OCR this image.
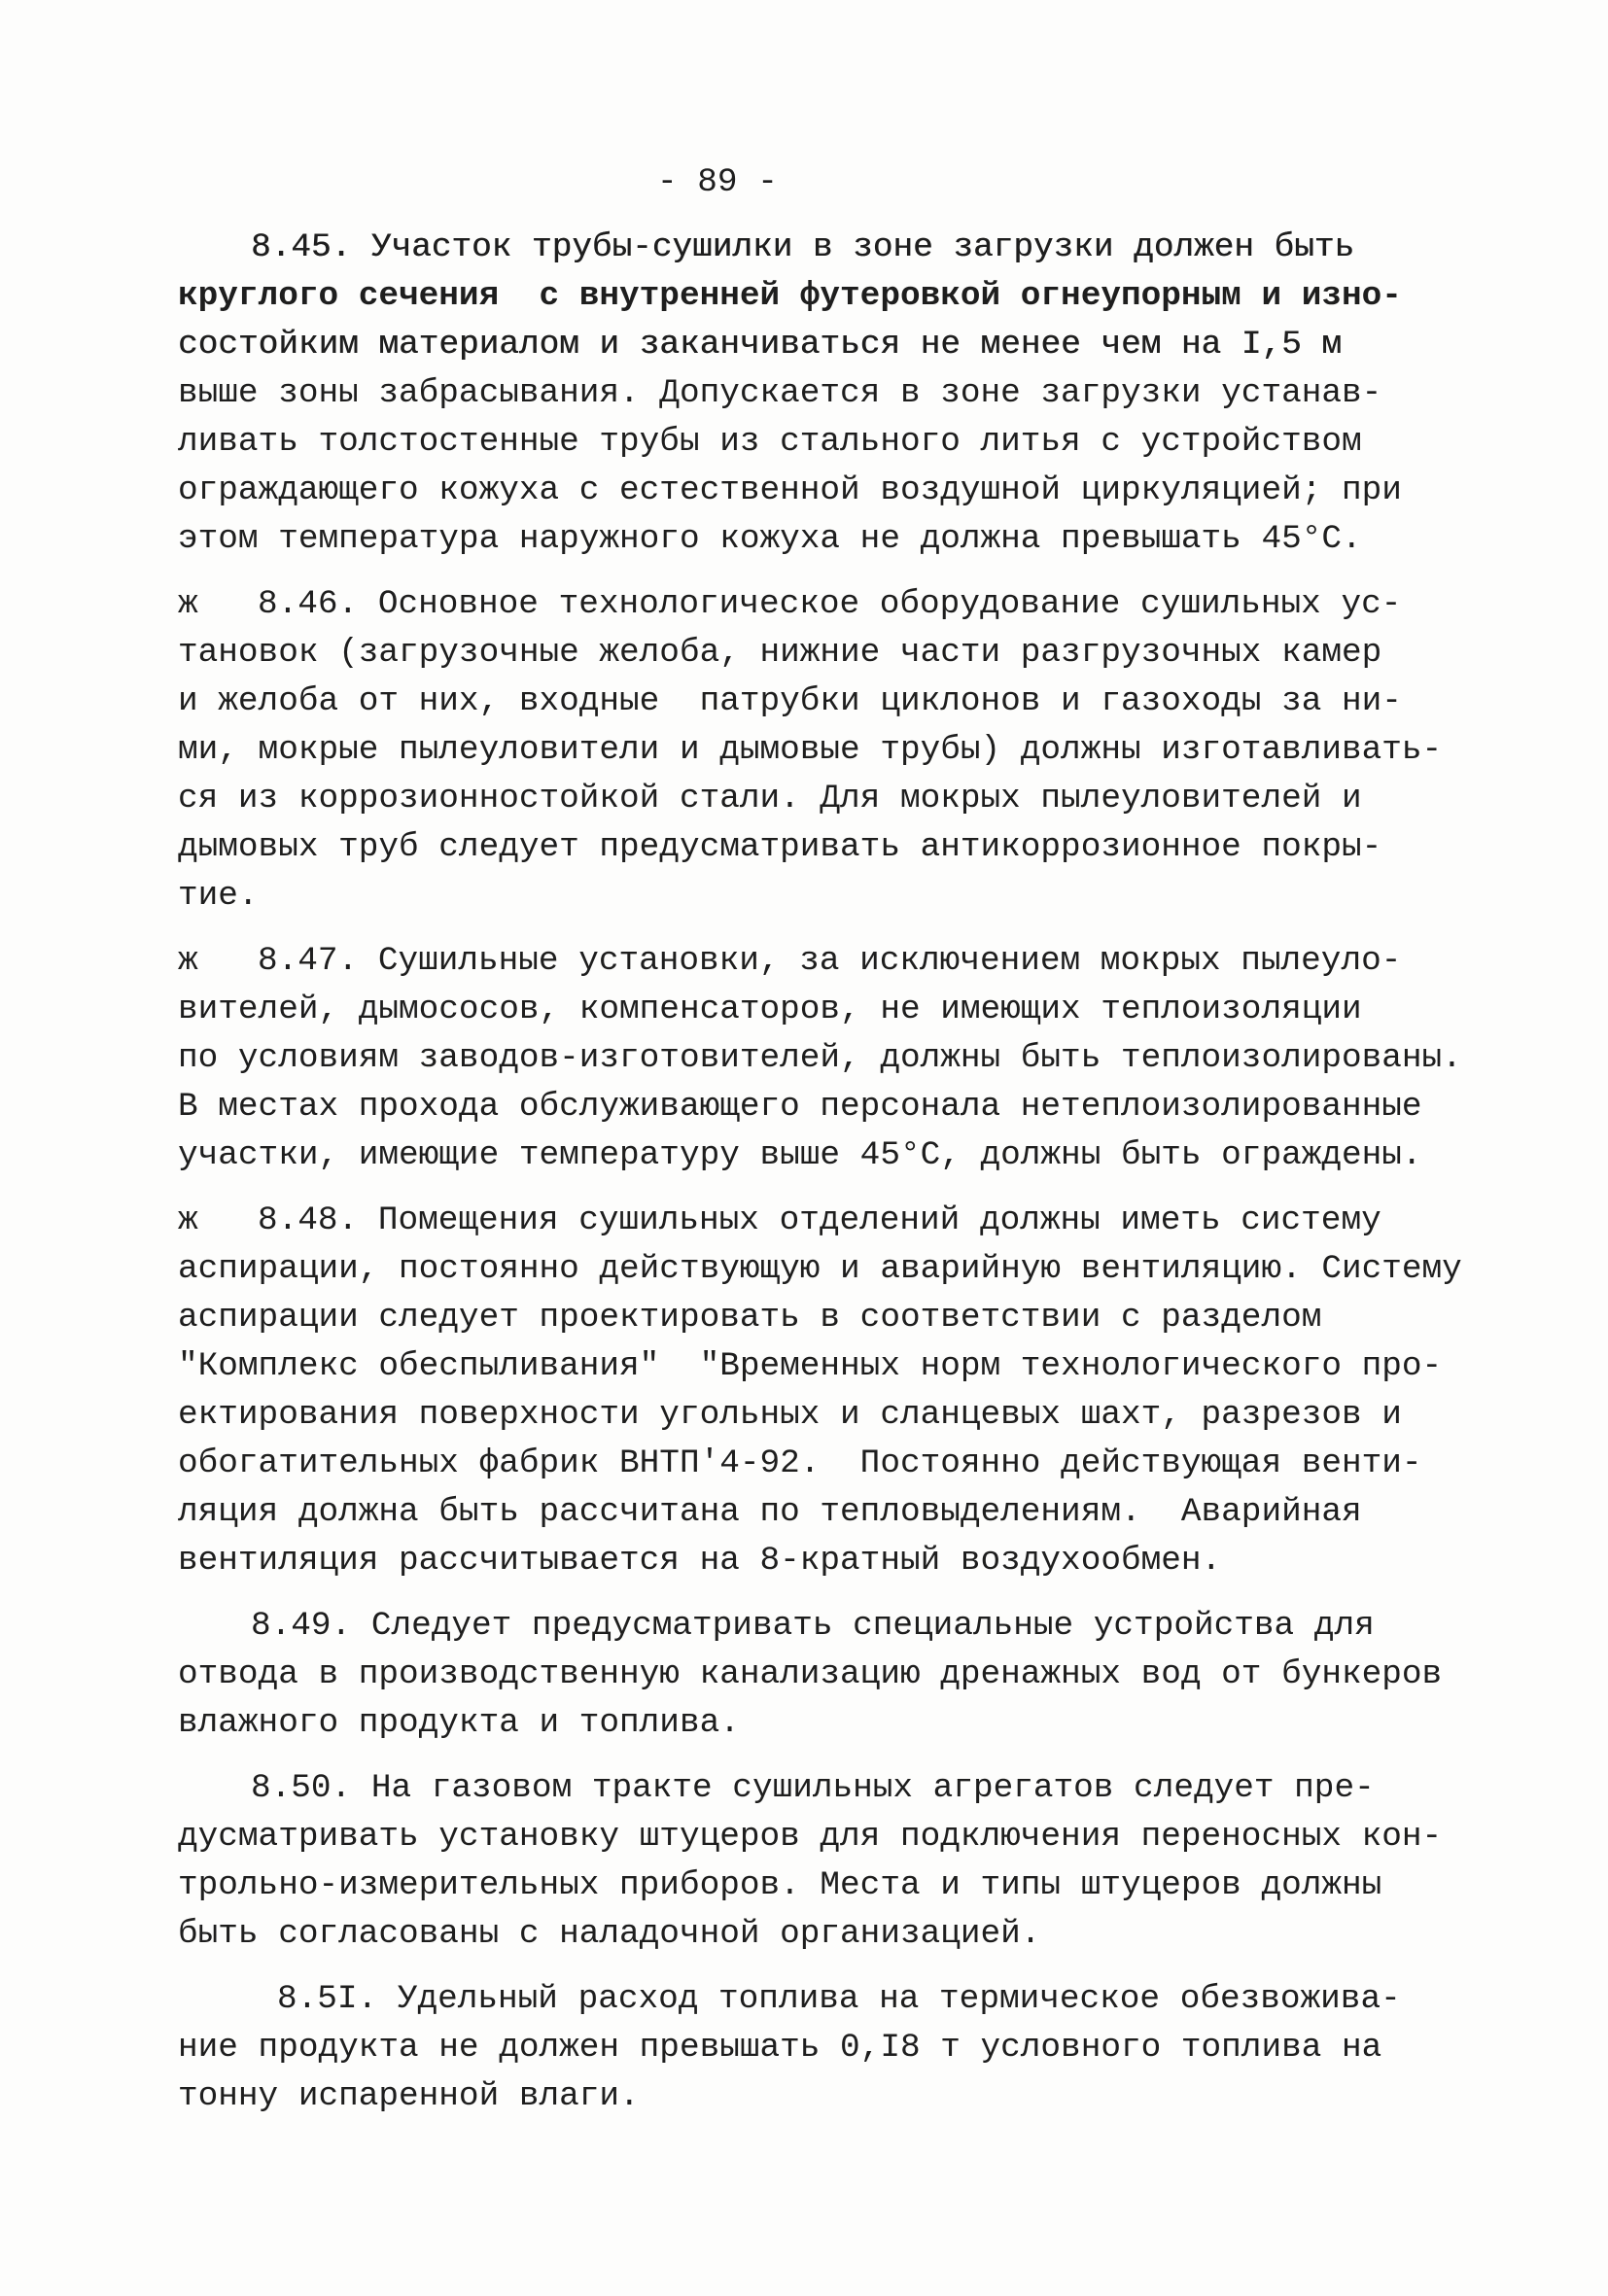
- 89 -
8.45. Участок трубы-сушилки в зоне загрузки должен быть
круглого сечения  с внутренней футеровкой огнеупорным и изно-
состойким материалом и заканчиваться не менее чем на I,5 м
выше зоны забрасывания. Допускается в зоне загрузки устанав-
ливать толстостенные трубы из стального литья с устройством
ограждающего кожуха с естественной воздушной циркуляцией; при
этом температура наружного кожуха не должна превышать 45°С.
ж 8.46. Основное технологическое оборудование сушильных ус-
тановок (загрузочные желоба, нижние части разгрузочных камер
и желоба от них, входные  патрубки циклонов и газоходы за ни-
ми, мокрые пылеуловители и дымовые трубы) должны изготавливать-
ся из коррозионностойкой стали. Для мокрых пылеуловителей и
дымовых труб следует предусматривать антикоррозионное покры-
тие.
ж 8.47. Сушильные установки, за исключением мокрых пылеуло-
вителей, дымососов, компенсаторов, не имеющих теплоизоляции
по условиям заводов-изготовителей, должны быть теплоизолированы.
В местах прохода обслуживающего персонала нетеплоизолированные
участки, имеющие температуру выше 45°С, должны быть ограждены.
ж 8.48. Помещения сушильных отделений должны иметь систему
аспирации, постоянно действующую и аварийную вентиляцию. Систему
аспирации следует проектировать в соответствии с разделом
"Комплекс обеспыливания"  "Временных норм технологического про-
ектирования поверхности угольных и сланцевых шахт, разрезов и
обогатительных фабрик ВНТП'4-92.  Постоянно действующая венти-
ляция должна быть рассчитана по тепловыделениям.  Аварийная
вентиляция рассчитывается на 8-кратный воздухообмен.
8.49. Следует предусматривать специальные устройства для
отвода в производственную канализацию дренажных вод от бункеров
влажного продукта и топлива.
8.50. На газовом тракте сушильных агрегатов следует пре-
дусматривать установку штуцеров для подключения переносных кон-
трольно-измерительных приборов. Места и типы штуцеров должны
быть согласованы с наладочной организацией.
8.5I. Удельный расход топлива на термическое обезвожива-
ние продукта не должен превышать 0,I8 т условного топлива на
тонну испаренной влаги.
